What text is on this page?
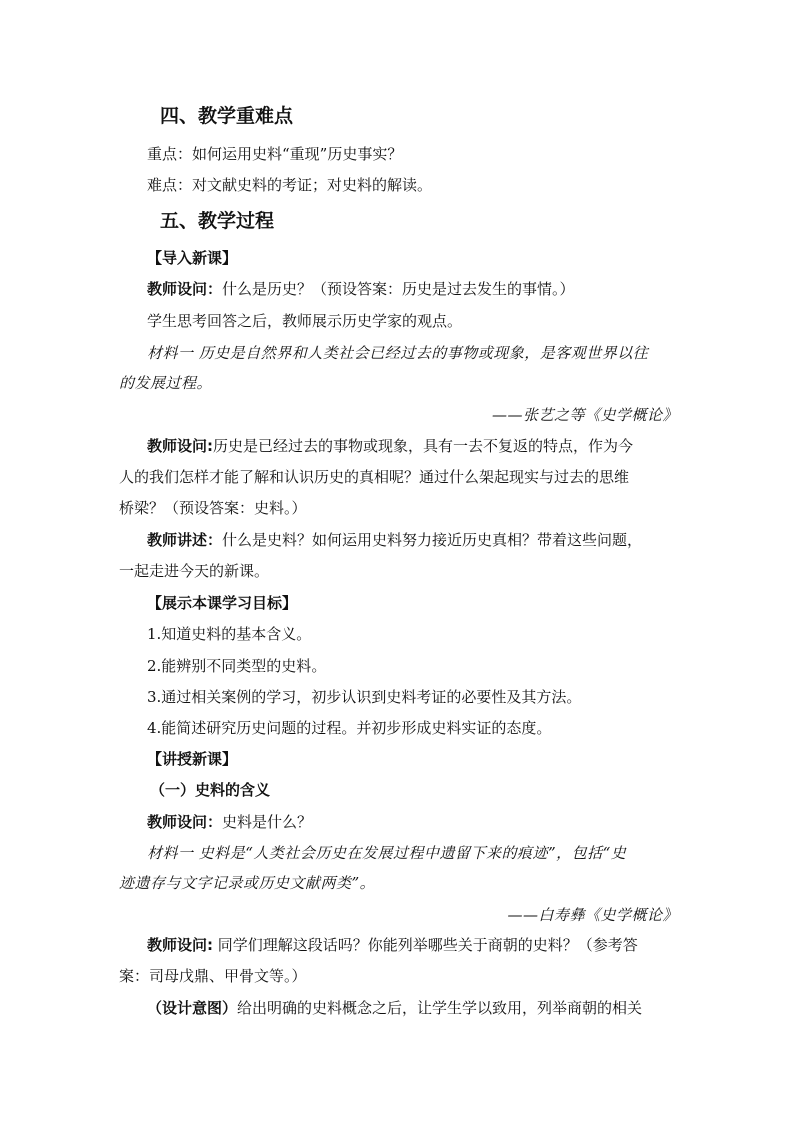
四、教学重难点

重点：如何运用史料“重现”历史事实？

难点：对文献史料的考证；对史料的解读。

五、教学过程

【导入新课】

教师设问：什么是历史？（预设答案：历史是过去发生的事情。）

学生思考回答之后，教师展示历史学家的观点。

材料一 历史是自然界和人类社会已经过去的事物或现象，是客观世界以往

的发展过程。

——张艺之等《史学概论》

教师设问:历史是已经过去的事物或现象，具有一去不复返的特点，作为今

人的我们怎样才能了解和认识历史的真相呢？通过什么架起现实与过去的思维

桥梁？（预设答案：史料。）

教师讲述：什么是史料？如何运用史料努力接近历史真相？带着这些问题，

一起走进今天的新课。

【展示本课学习目标】

1.知道史料的基本含义。

2.能辨别不同类型的史料。

3.通过相关案例的学习，初步认识到史料考证的必要性及其方法。

4.能简述研究历史问题的过程。并初步形成史料实证的态度。

【讲授新课】

（一）史料的含义

教师设问：史料是什么？

材料一 史料是“人类社会历史在发展过程中遗留下来的痕迹”，包括“史

迹遗存与文字记录或历史文献两类”。

——白寿彝《史学概论》

教师设问: 同学们理解这段话吗？你能列举哪些关于商朝的史料？（参考答

案：司母戊鼎、甲骨文等。）

（设计意图）给出明确的史料概念之后，让学生学以致用，列举商朝的相关
